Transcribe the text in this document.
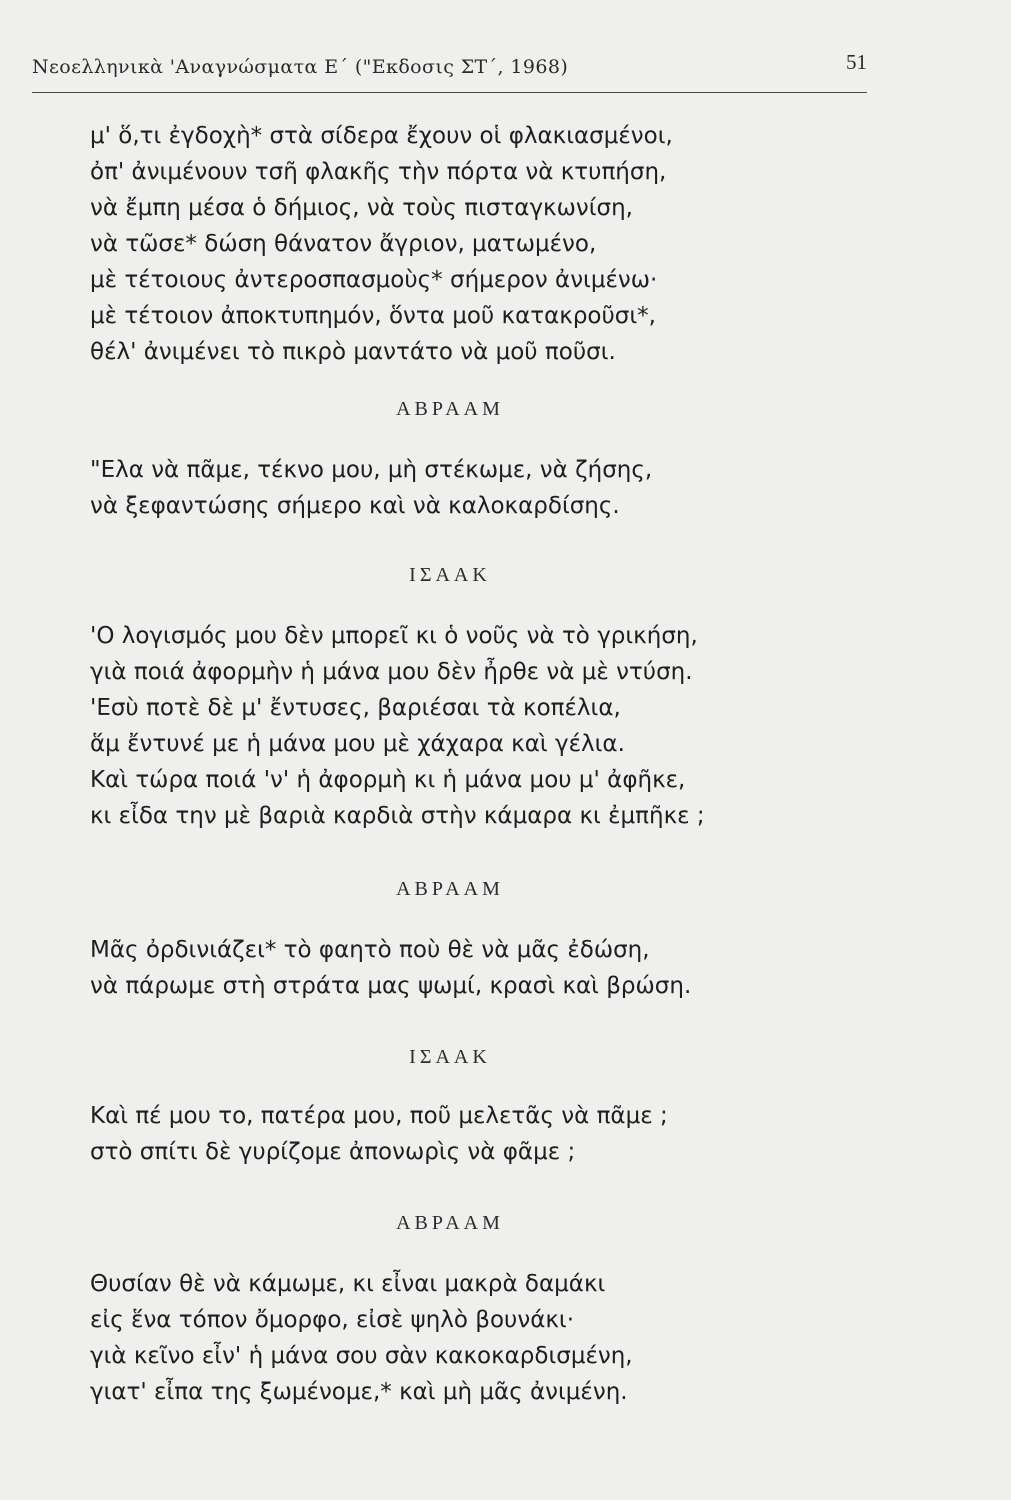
Νεοελληνικὰ 'Αναγνώσματα Ε΄ ("Εκδοσις ΣΤ΄, 1968)	51
μ' ὅ,τι ἐγδοχὴ* στὰ σίδερα ἔχουν οἱ φλακιασμένοι,
ὀπ' ἀνιμένουν τσῆ φλακῆς τὴν πόρτα νὰ κτυπήση,
νὰ ἔμπη μέσα ὁ δήμιος, νὰ τοὺς πισταγκωνίση,
νὰ τῶσε* δώση θάνατον ἄγριον, ματωμένο,
μὲ τέτοιους ἀντεροσπασμοὺς* σήμερον ἀνιμένω·
μὲ τέτοιον ἀποκτυπημόν, ὅντα μοῦ κατακροῦσι*,
θέλ' ἀνιμένει τὸ πικρὸ μαντάτο νὰ μοῦ ποῦσι.
ΑΒΡΑΑΜ
"Ελα νὰ πᾶμε, τέκνο μου, μὴ στέκωμε, νὰ ζήσης,
νὰ ξεφαντώσης σήμερο καὶ νὰ καλοκαρδίσης.
ΙΣΑΑΚ
'Ο λογισμός μου δὲν μπορεῖ κι ὁ νοῦς νὰ τὸ γρικήση,
γιὰ ποιά ἀφορμὴν ἡ μάνα μου δὲν ἦρθε νὰ μὲ ντύση.
'Εσὺ ποτὲ δὲ μ' ἔντυσες, βαριέσαι τὰ κοπέλια,
ἅμ ἔντυνέ με ἡ μάνα μου μὲ χάχαρα καὶ γέλια.
Καὶ τώρα ποιά 'ν' ἡ ἀφορμὴ κι ἡ μάνα μου μ' ἀφῆκε,
κι εἶδα την μὲ βαριὰ καρδιὰ στὴν κάμαρα κι ἐμπῆκε ;
ΑΒΡΑΑΜ
Μᾶς ὀρδινιάζει* τὸ φαητὸ ποὺ θὲ νὰ μᾶς ἐδώση,
νὰ πάρωμε στὴ στράτα μας ψωμί, κρασὶ καὶ βρώση.
ΙΣΑΑΚ
Καὶ πέ μου το, πατέρα μου, ποῦ μελετᾶς νὰ πᾶμε ;
στὸ σπίτι δὲ γυρίζομε ἀπονωρὶς νὰ φᾶμε ;
ΑΒΡΑΑΜ
Θυσίαν θὲ νὰ κάμωμε, κι εἶναι μακρὰ δαμάκι
εἰς ἕνα τόπον ὄμορφο, εἰσὲ ψηλὸ βουνάκι·
γιὰ κεῖνο εἶν' ἡ μάνα σου σὰν κακοκαρδισμένη,
γιατ' εἶπα της ξωμένομε,* καὶ μὴ μᾶς ἀνιμένη.
